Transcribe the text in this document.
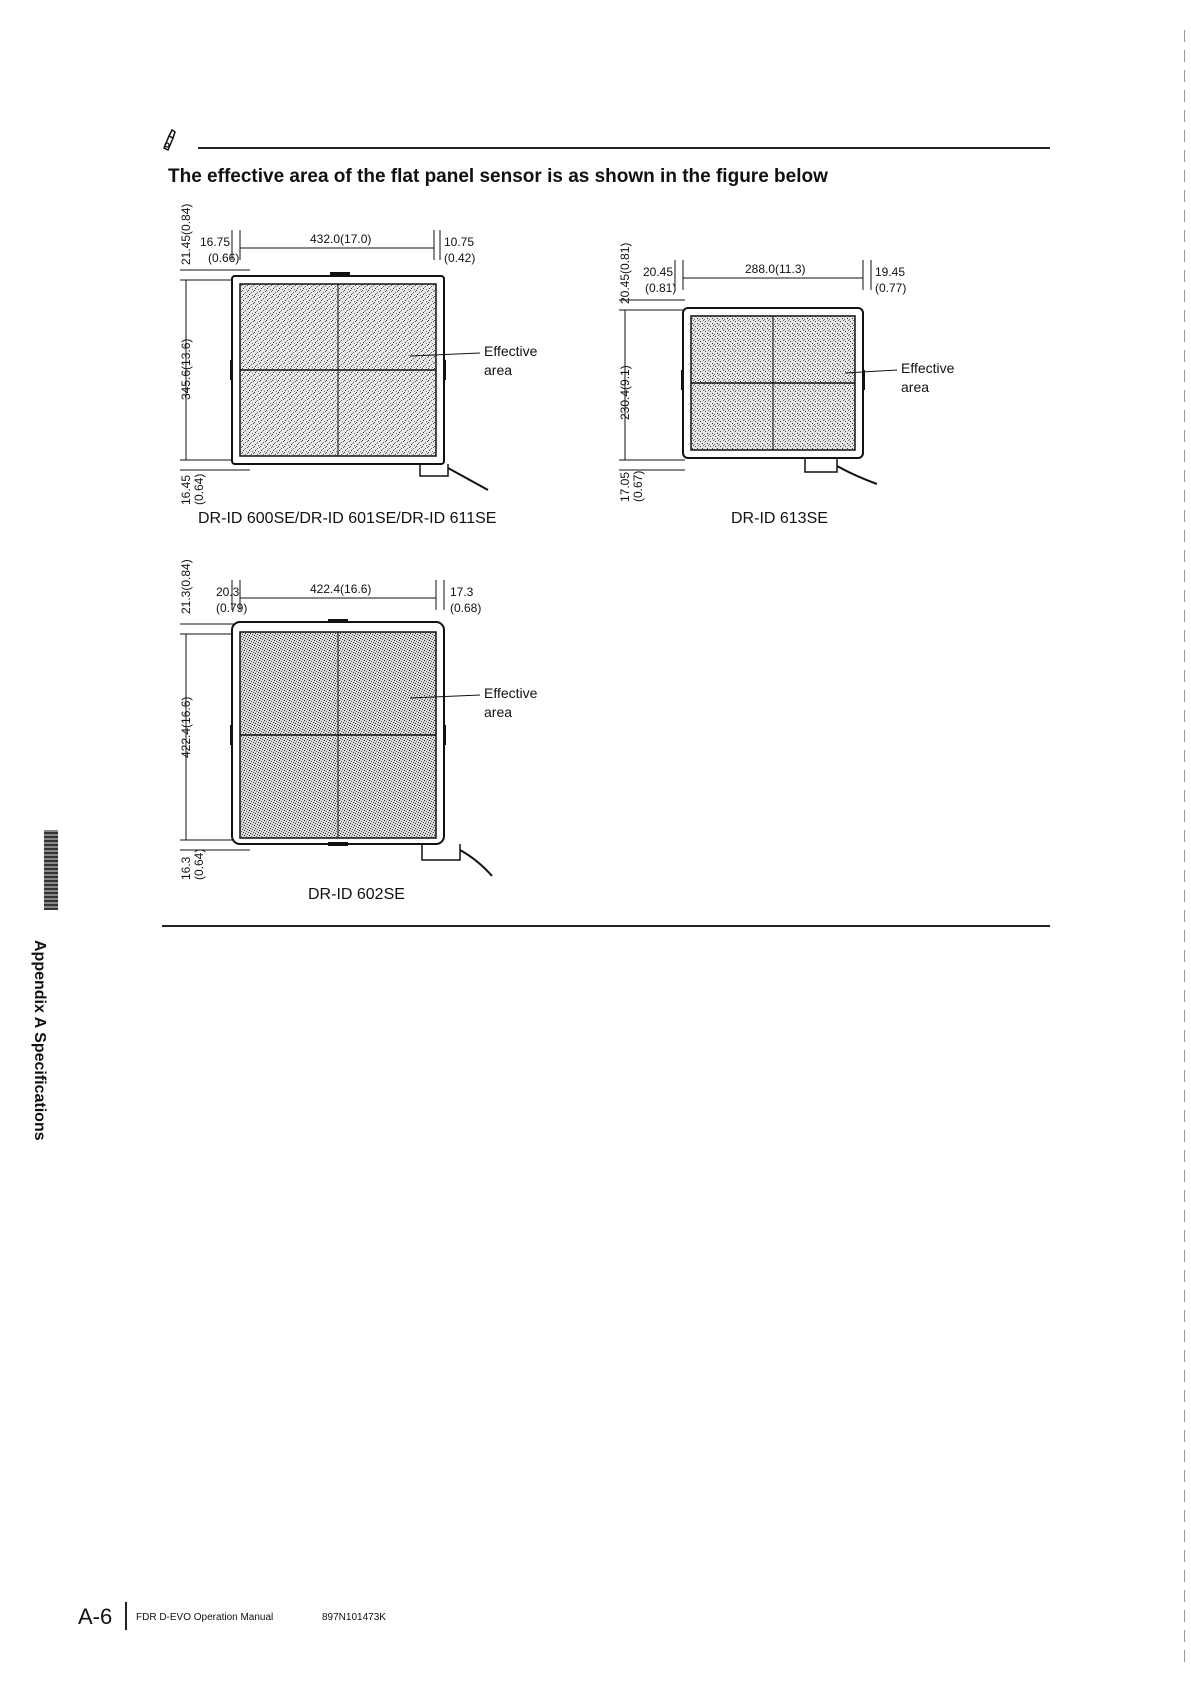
The effective area of the flat panel sensor is as shown in the figure below
21.45(0.84)
345.6(13.6)
16.45 (0.64)
16.75
(0.66)
432.0(17.0)	10.75
(0.42)
Effective
area
DR-ID 600SE/DR-ID 601SE/DR-ID 611SE
20.45(0.81)
230.4(9.1)
17.05 (0.67)
20.45
(0.81)
288.0(11.3)	19.45
(0.77)
Effective
area
DR-ID 613SE
21.3(0.84)
422.4(16.6)
16.3 (0.64)
20.3
(0.79)
422.4(16.6)	17.3
(0.68)
Effective
area
DR-ID 602SE
Appendix A Specifications
A-6 FDR D-EVO Operation Manual	897N101473K
